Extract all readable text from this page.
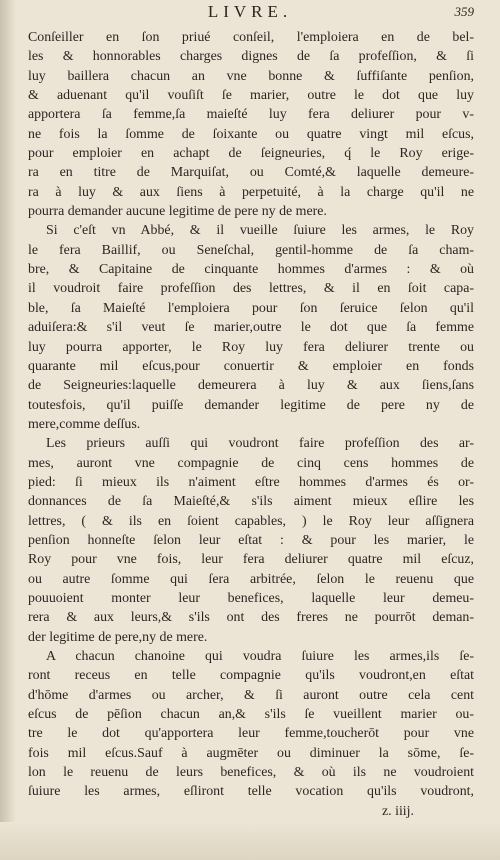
LIVRE.	359
Conſeiller en ſon priué conſeil, l'emploiera en de bel-
les & honnorables charges dignes de ſa profeſſion, & ſi
luy baillera chacun an vne bonne & ſuffiſante penſion,
& aduenant qu'il vouſiſt ſe marier, outre le dot que luy
apportera ſa femme,ſa maieſté luy fera deliurer pour v-
ne fois la ſomme de ſoixante ou quatre vingt mil eſcus,
pour emploier en achapt de ſeigneuries, q́ le Roy erige-
ra en titre de Marquiſat, ou Comté,& laquelle demeure-
ra à luy & aux ſiens à perpetuité, à la charge qu'il ne
pourra demander aucune legitime de pere ny de mere.
Si c'eſt vn Abbé, & il vueille ſuiure les armes, le Roy
le fera Baillif, ou Seneſchal, gentil-homme de ſa cham-
bre, & Capitaine de cinquante hommes d'armes : & où
il voudroit faire profeſſion des lettres, & il en ſoit capa-
ble, ſa Maieſté l'emploiera pour ſon ſeruice ſelon qu'il
aduiſera:& s'il veut ſe marier,outre le dot que ſa femme
luy pourra apporter, le Roy luy fera deliurer trente ou
quarante mil eſcus,pour conuertir & emploier en fonds
de Seigneuries:laquelle demeurera à luy & aux ſiens,ſans
toutesfois, qu'il puiſſe demander legitime de pere ny de
mere,comme deſſus.
Les prieurs auſſi qui voudront faire profeſſion des ar-
mes, auront vne compagnie de cinq cens hommes de
pied: ſi mieux ils n'aiment eſtre hommes d'armes és or-
donnances de ſa Maieſté,& s'ils aiment mieux eſlire les
lettres, ( & ils en ſoient capables, ) le Roy leur aſſignera
penſion honneſte ſelon leur eſtat : & pour les marier, le
Roy pour vne fois, leur fera deliurer quatre mil eſcuz,
ou autre ſomme qui ſera arbitrée, ſelon le reuenu que
pouuoient monter leur benefices, laquelle leur demeu-
rera & aux leurs,& s'ils ont des freres ne pourrōt deman-
der legitime de pere,ny de mere.
A chacun chanoine qui voudra ſuiure les armes,ils ſe-
ront receus en telle compagnie qu'ils voudront,en eſtat
d'hōme d'armes ou archer, & ſi auront outre cela cent
eſcus de pēſion chacun an,& s'ils ſe vueillent marier ou-
tre le dot qu'apportera leur femme,toucherōt pour vne
fois mil eſcus.Sauf à augmēter ou diminuer la sōme, ſe-
lon le reuenu de leurs benefices, & où ils ne voudroient
ſuiure les armes, eſliront telle vocation qu'ils voudront,
z. iiij.
